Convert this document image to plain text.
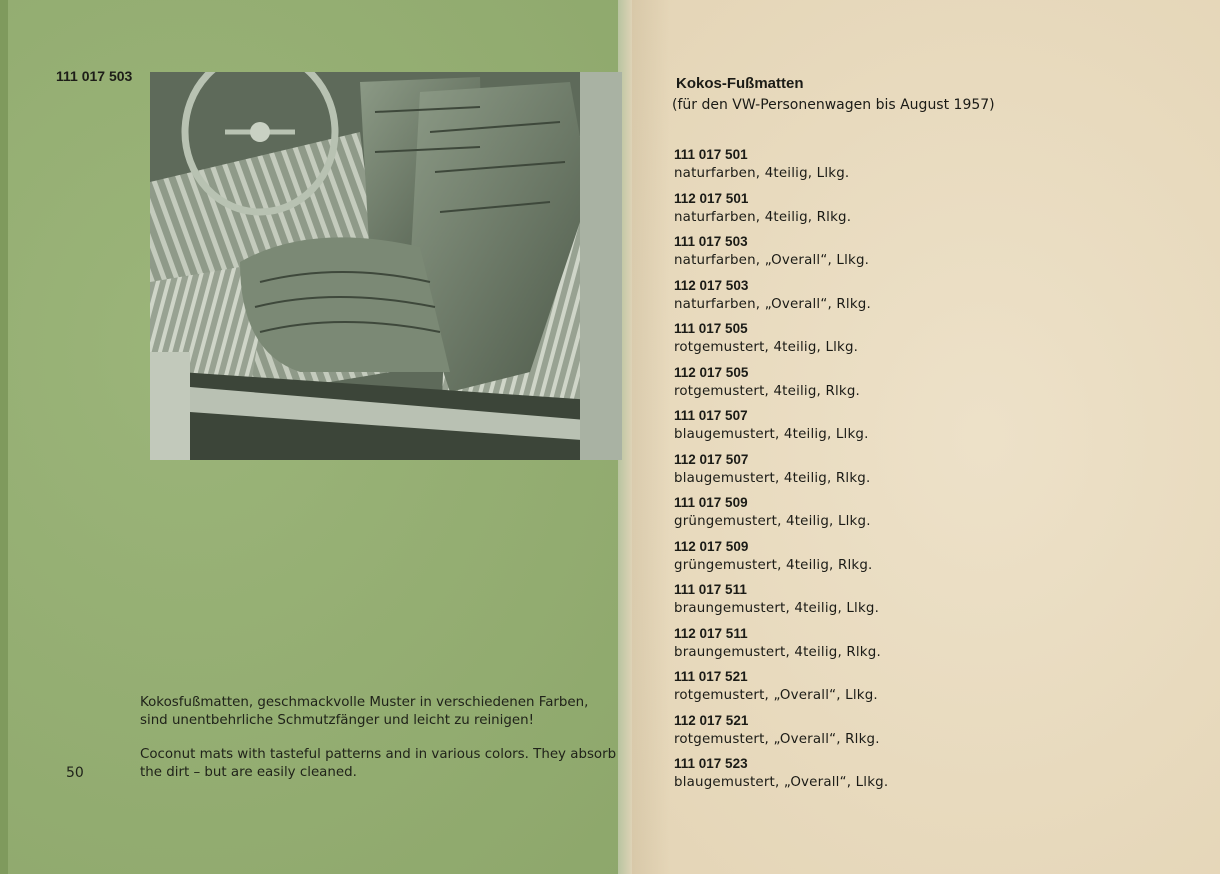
111 017 503

Kokosfußmatten, geschmackvolle Muster in verschiedenen Farben, sind unentbehrliche Schmutzfänger und leicht zu reinigen!

Coconut mats with tasteful patterns and in various colors. They absorb the dirt – but are easily cleaned.

50
Kokos-Fußmatten
(für den VW-Personenwagen bis August 1957)
111 017 501
naturfarben, 4teilig, Llkg.
112 017 501
naturfarben, 4teilig, Rlkg.
111 017 503
naturfarben, „Overall“, Llkg.
112 017 503
naturfarben, „Overall“, Rlkg.
111 017 505
rotgemustert, 4teilig, Llkg.
112 017 505
rotgemustert, 4teilig, Rlkg.
111 017 507
blaugemustert, 4teilig, Llkg.
112 017 507
blaugemustert, 4teilig, Rlkg.
111 017 509
grüngemustert, 4teilig, Llkg.
112 017 509
grüngemustert, 4teilig, Rlkg.
111 017 511
braungemustert, 4teilig, Llkg.
112 017 511
braungemustert, 4teilig, Rlkg.
111 017 521
rotgemustert, „Overall“, Llkg.
112 017 521
rotgemustert, „Overall“, Rlkg.
111 017 523
blaugemustert, „Overall“, Llkg.
